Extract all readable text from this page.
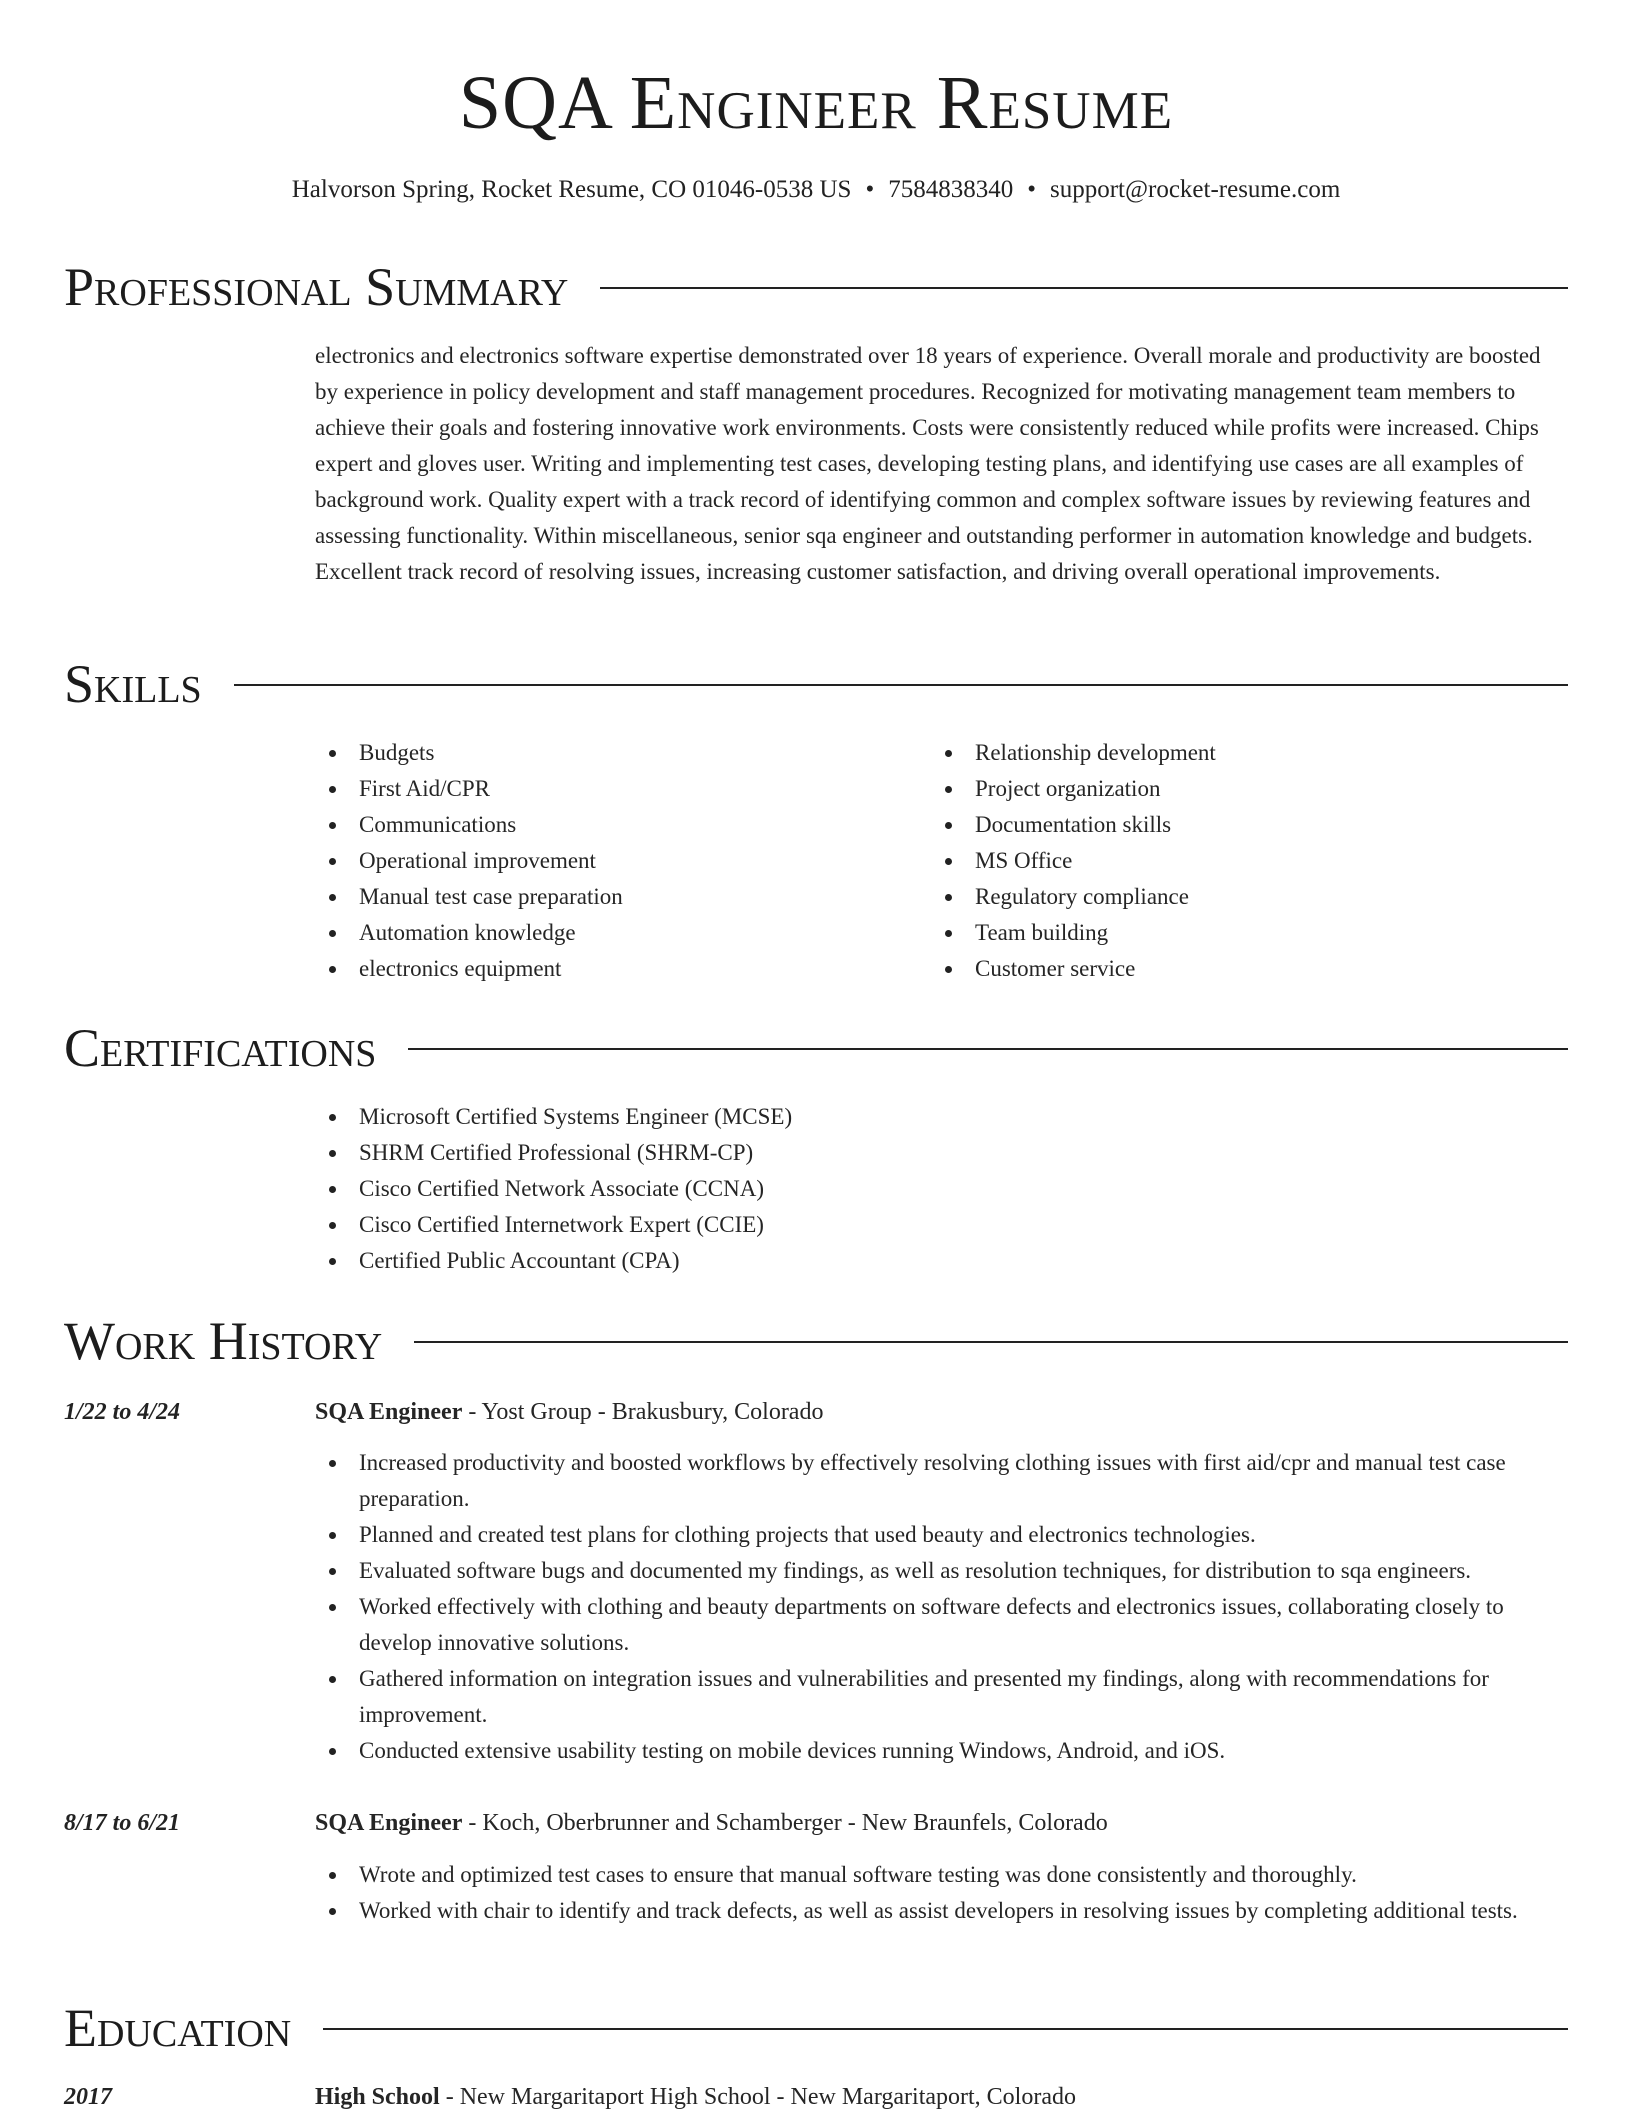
SQA Engineer Resume
Halvorson Spring, Rocket Resume, CO 01046-0538 US • 7584838340 • support@rocket-resume.com
Professional Summary
electronics and electronics software expertise demonstrated over 18 years of experience. Overall morale and productivity are boosted by experience in policy development and staff management procedures. Recognized for motivating management team members to achieve their goals and fostering innovative work environments. Costs were consistently reduced while profits were increased. Chips expert and gloves user. Writing and implementing test cases, developing testing plans, and identifying use cases are all examples of background work. Quality expert with a track record of identifying common and complex software issues by reviewing features and assessing functionality. Within miscellaneous, senior sqa engineer and outstanding performer in automation knowledge and budgets. Excellent track record of resolving issues, increasing customer satisfaction, and driving overall operational improvements.
Skills
Budgets
First Aid/CPR
Communications
Operational improvement
Manual test case preparation
Automation knowledge
electronics equipment
Relationship development
Project organization
Documentation skills
MS Office
Regulatory compliance
Team building
Customer service
Certifications
Microsoft Certified Systems Engineer (MCSE)
SHRM Certified Professional (SHRM-CP)
Cisco Certified Network Associate (CCNA)
Cisco Certified Internetwork Expert (CCIE)
Certified Public Accountant (CPA)
Work History
1/22 to 4/24	SQA Engineer - Yost Group - Brakusbury, Colorado
Increased productivity and boosted workflows by effectively resolving clothing issues with first aid/cpr and manual test case preparation.
Planned and created test plans for clothing projects that used beauty and electronics technologies.
Evaluated software bugs and documented my findings, as well as resolution techniques, for distribution to sqa engineers.
Worked effectively with clothing and beauty departments on software defects and electronics issues, collaborating closely to develop innovative solutions.
Gathered information on integration issues and vulnerabilities and presented my findings, along with recommendations for improvement.
Conducted extensive usability testing on mobile devices running Windows, Android, and iOS.
8/17 to 6/21	SQA Engineer - Koch, Oberbrunner and Schamberger - New Braunfels, Colorado
Wrote and optimized test cases to ensure that manual software testing was done consistently and thoroughly.
Worked with chair to identify and track defects, as well as assist developers in resolving issues by completing additional tests.
Education
2017	High School - New Margaritaport High School - New Margaritaport, Colorado
